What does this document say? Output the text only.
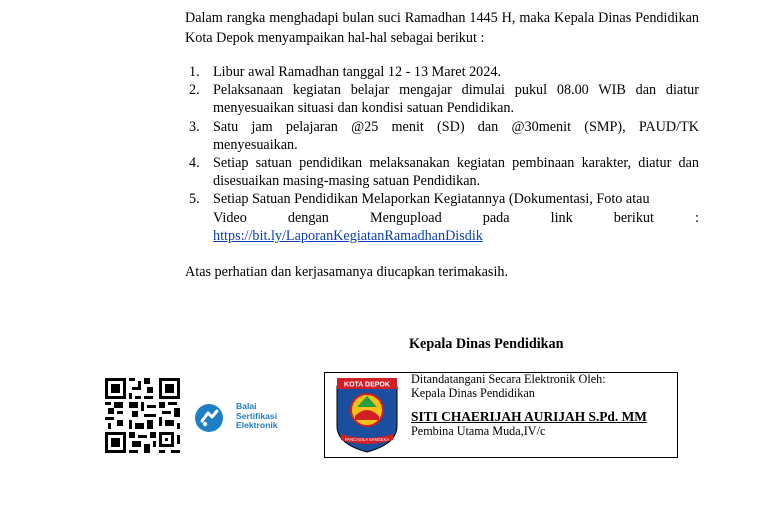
Dalam rangka menghadapi bulan suci Ramadhan 1445 H, maka Kepala Dinas Pendidikan Kota Depok menyampaikan hal-hal sebagai berikut :

1. Libur awal Ramadhan tanggal 12 - 13 Maret 2024.
2. Pelaksanaan kegiatan belajar mengajar dimulai pukul 08.00 WIB dan diatur menyesuaikan situasi dan kondisi satuan Pendidikan.
3. Satu jam pelajaran @25 menit (SD) dan @30menit (SMP), PAUD/TK menyesuaikan.
4. Setiap satuan pendidikan melaksanakan kegiatan pembinaan karakter, diatur dan disesuaikan masing-masing satuan Pendidikan.
5. Setiap Satuan Pendidikan Melaporkan Kegiatannya (Dokumentasi, Foto atau
Video dengan Mengupload pada link berikut :
https://bit.ly/LaporanKegiatanRamadhanDisdik

Atas perhatian dan kerjasamanya diucapkan terimakasih.

Kepala Dinas Pendidikan

Balai
Sertifikasi
Elektronik
KOTA DEPOK
PANCASILA SANGEKA
Ditandatangani Secara Elektronik Oleh:
Kepala Dinas Pendidikan
SITI CHAERIJAH AURIJAH S.Pd. MM
Pembina Utama Muda,IV/c
